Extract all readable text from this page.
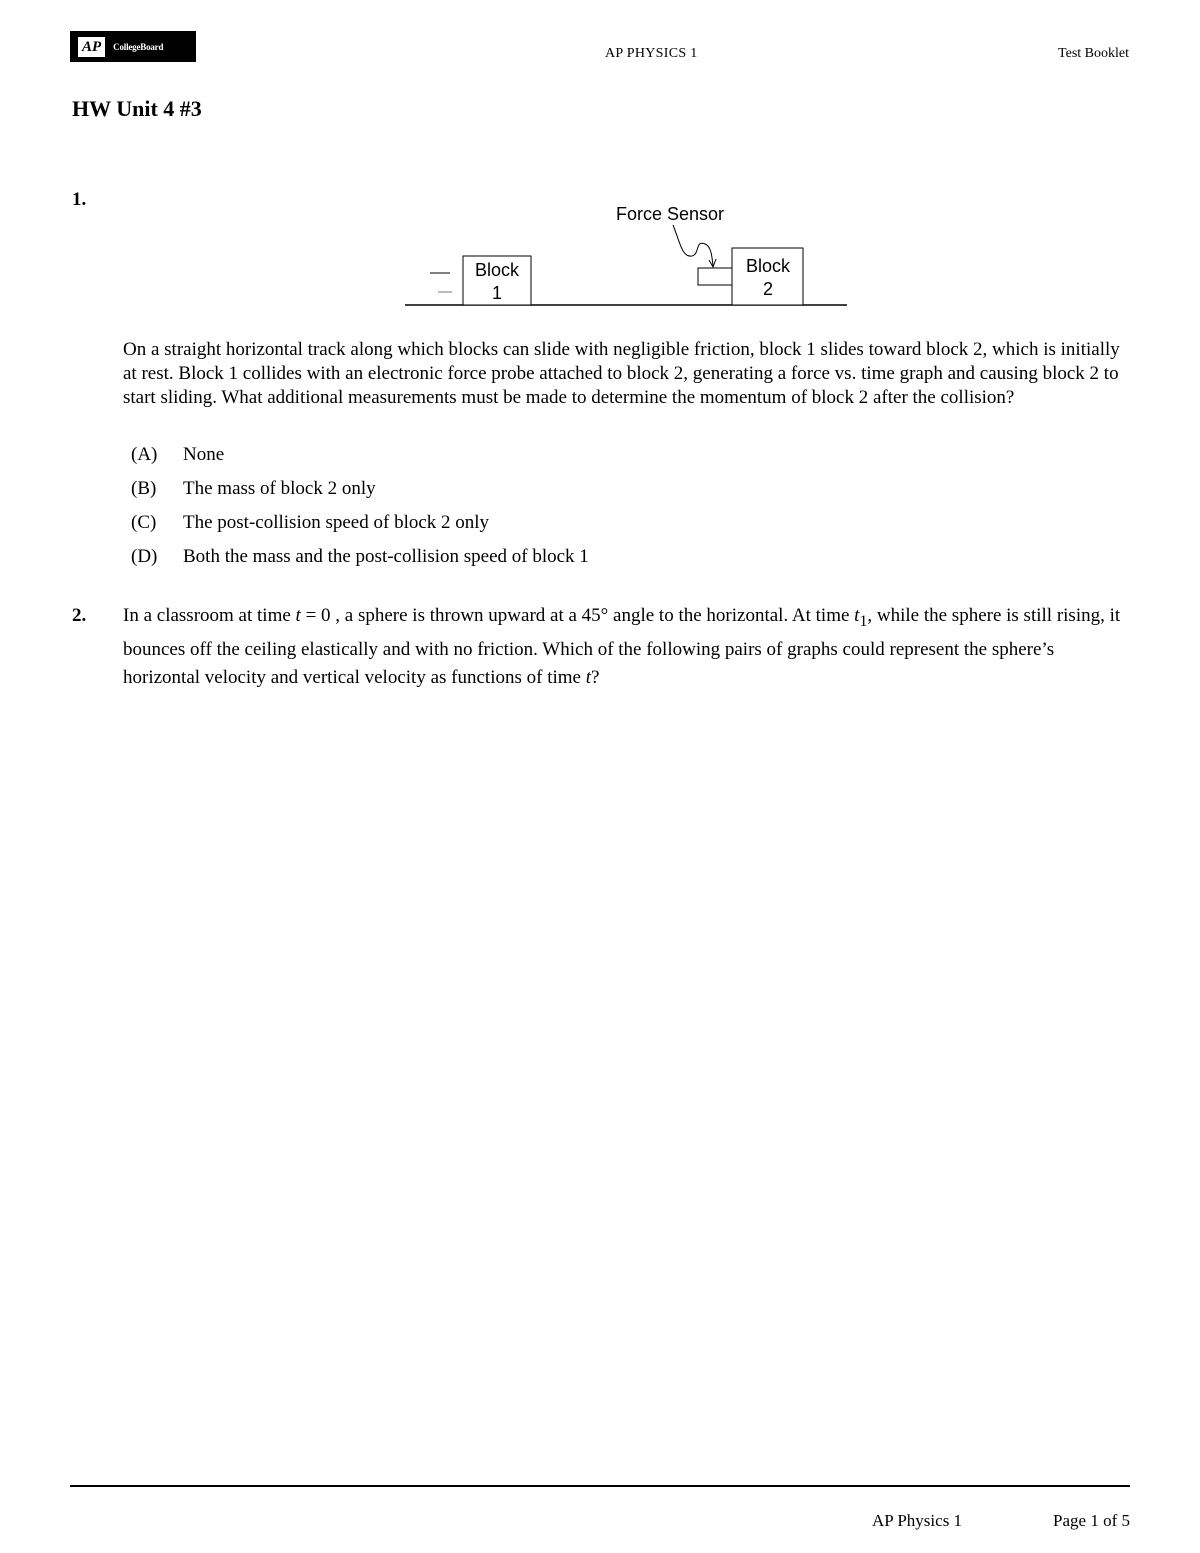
AP	CollegeBoard	AP PHYSICS 1	Test Booklet
HW Unit 4 #3
1.
Block
1
Block
2
Force Sensor
On a straight horizontal track along which blocks can slide with negligible friction, block 1 slides toward block 2, which is initially at rest. Block 1 collides with an electronic force probe attached to block 2, generating a force vs. time graph and causing block 2 to start sliding. What additional measurements must be made to determine the momentum of block 2 after the collision?
(A) None
(B) The mass of block 2 only
(C) The post-collision speed of block 2 only
(D) Both the mass and the post-collision speed of block 1
2. In a classroom at time t = 0 , a sphere is thrown upward at a 45° angle to the horizontal. At time $t_1$, while the sphere is still rising, it bounces off the ceiling elastically and with no friction. Which of the following pairs of graphs could represent the sphere’s horizontal velocity and vertical velocity as functions of time t?
AP Physics 1	Page 1 of 5
